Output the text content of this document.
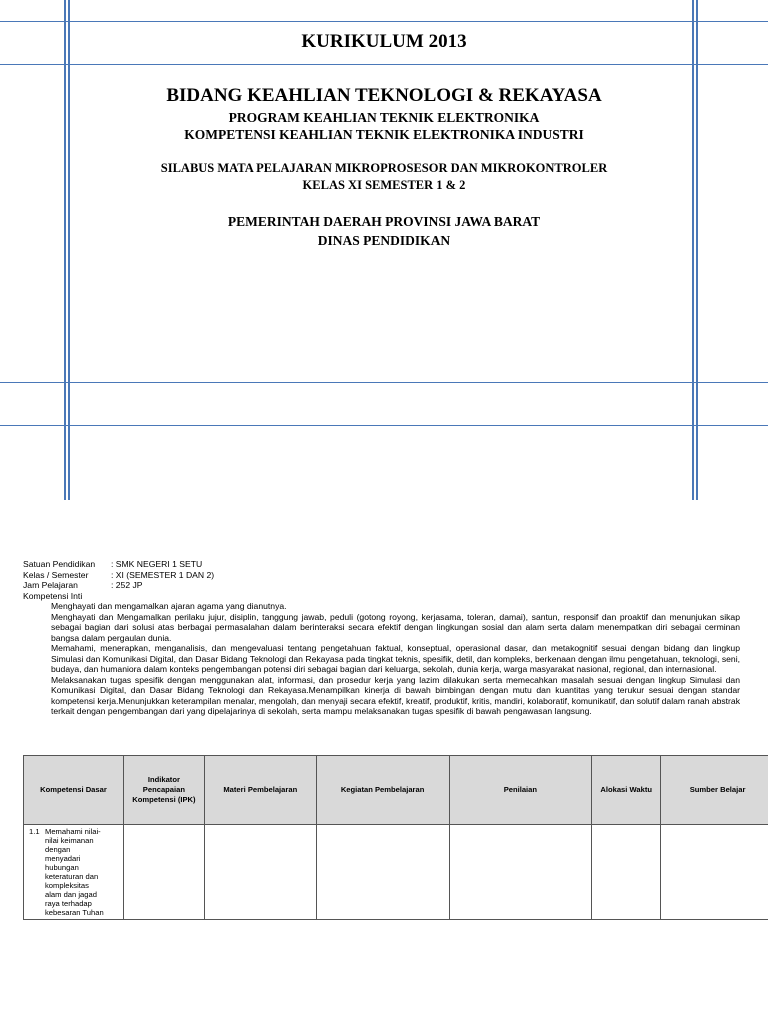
KURIKULUM 2013
BIDANG KEAHLIAN TEKNOLOGI & REKAYASA
PROGRAM KEAHLIAN TEKNIK ELEKTRONIKA
KOMPETENSI KEAHLIAN TEKNIK ELEKTRONIKA INDUSTRI
SILABUS MATA PELAJARAN MIKROPROSESOR DAN MIKROKONTROLER
KELAS XI SEMESTER 1 & 2
PEMERINTAH DAERAH PROVINSI JAWA BARAT
DINAS PENDIDIKAN
Satuan Pendidikan	: SMK NEGERI 1 SETU
Kelas / Semester	: XI (SEMESTER 1 DAN 2)
Jam Pelajaran	: 252 JP
Kompetensi Inti

Menghayati dan mengamalkan ajaran agama yang dianutnya.

Menghayati dan Mengamalkan perilaku jujur, disiplin, tanggung jawab, peduli (gotong royong, kerjasama, toleran, damai), santun, responsif dan proaktif dan menunjukan sikap sebagai bagian dari solusi atas berbagai permasalahan dalam berinteraksi secara efektif dengan lingkungan sosial dan alam serta dalam menempatkan diri sebagai cerminan bangsa dalam pergaulan dunia.

Memahami, menerapkan, menganalisis, dan mengevaluasi tentang pengetahuan faktual, konseptual, operasional dasar, dan metakognitif sesuai dengan bidang dan lingkup Simulasi dan Komunikasi Digital, dan Dasar Bidang Teknologi dan Rekayasa pada tingkat teknis, spesifik, detil, dan kompleks, berkenaan dengan ilmu pengetahuan, teknologi, seni, budaya, dan humaniora dalam konteks pengembangan potensi diri sebagai bagian dari keluarga, sekolah, dunia kerja, warga masyarakat nasional, regional, dan internasional.

Melaksanakan tugas spesifik dengan menggunakan alat, informasi, dan prosedur kerja yang lazim dilakukan serta memecahkan masalah sesuai dengan lingkup Simulasi dan Komunikasi Digital, dan Dasar Bidang Teknologi dan Rekayasa.Menampilkan kinerja di bawah bimbingan dengan mutu dan kuantitas yang terukur sesuai dengan standar kompetensi kerja.Menunjukkan keterampilan menalar, mengolah, dan menyaji secara efektif, kreatif, produktif, kritis, mandiri, kolaboratif, komunikatif, dan solutif dalam ranah abstrak terkait dengan pengembangan dari yang dipelajarinya di sekolah, serta mampu melaksanakan tugas spesifik di bawah pengawasan langsung.

Kompetensi Dasar	Indikator Pencapaian Kompetensi (IPK)	Materi Pembelajaran	Kegiatan Pembelajaran	Penilaian	Alokasi Waktu	Sumber Belajar

1.1 Memahami nilai-nilai keimanan dengan menyadari hubungan keteraturan dan kompleksitas alam dan jagad raya terhadap kebesaran Tuhan						
